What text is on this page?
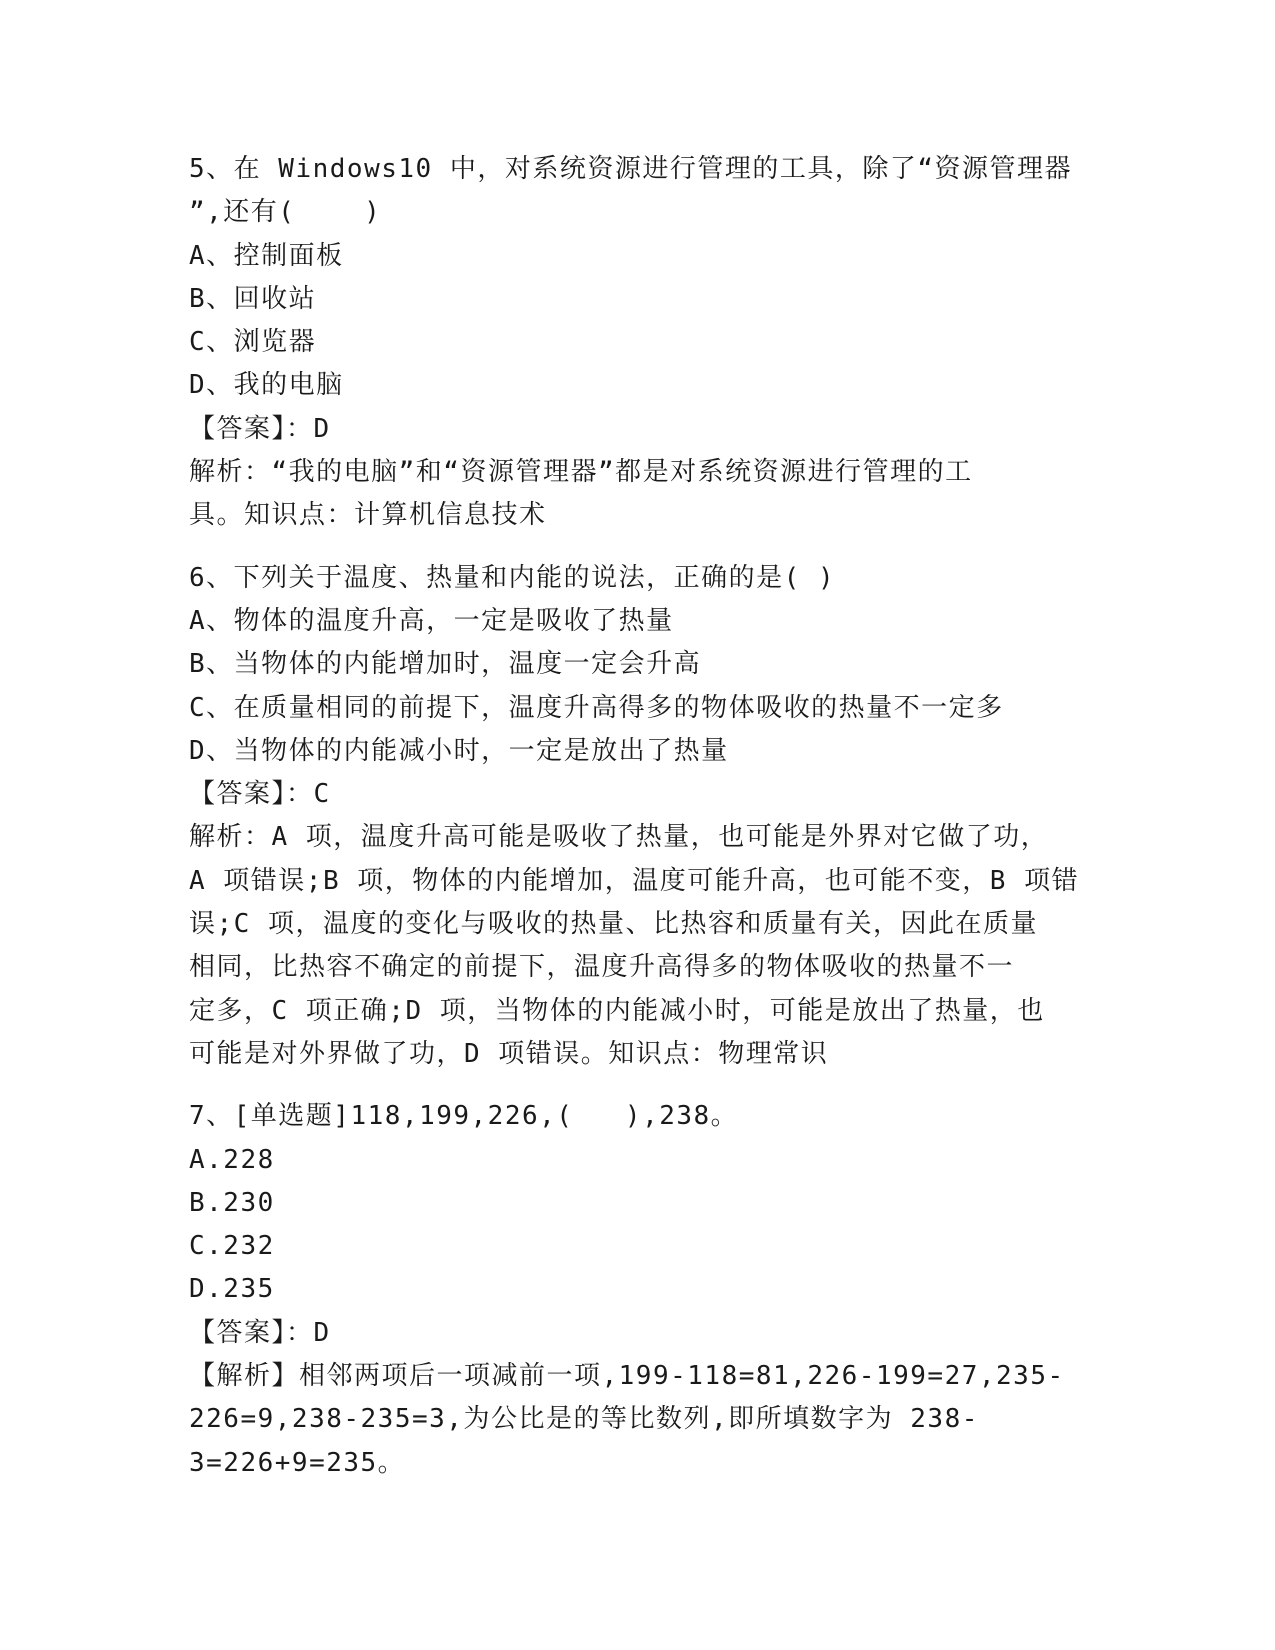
5、在 Windows10 中，对系统资源进行管理的工具，除了“资源管理器
”,还有(    )
A、控制面板
B、回收站
C、浏览器
D、我的电脑
【答案】：D
解析：“我的电脑”和“资源管理器”都是对系统资源进行管理的工
具。知识点：计算机信息技术
6、下列关于温度、热量和内能的说法，正确的是( )
A、物体的温度升高，一定是吸收了热量
B、当物体的内能增加时，温度一定会升高
C、在质量相同的前提下，温度升高得多的物体吸收的热量不一定多
D、当物体的内能减小时，一定是放出了热量
【答案】：C
解析：A 项，温度升高可能是吸收了热量，也可能是外界对它做了功，
A 项错误;B 项，物体的内能增加，温度可能升高，也可能不变，B 项错
误;C 项，温度的变化与吸收的热量、比热容和质量有关，因此在质量
相同，比热容不确定的前提下，温度升高得多的物体吸收的热量不一
定多，C 项正确;D 项，当物体的内能减小时，可能是放出了热量，也
可能是对外界做了功，D 项错误。知识点：物理常识
7、[单选题]118,199,226,(   ),238。
A.228
B.230
C.232
D.235
【答案】：D
【解析】相邻两项后一项减前一项,199-118=81,226-199=27,235-
226=9,238-235=3,为公比是的等比数列,即所填数字为 238-
3=226+9=235。
